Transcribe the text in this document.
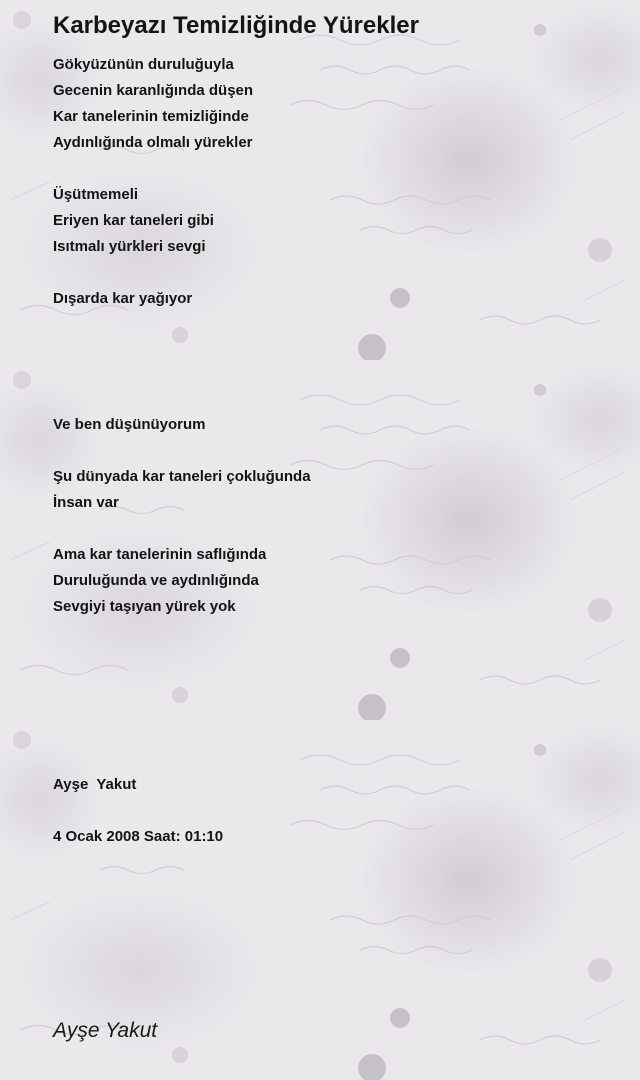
Karbeyazı Temizliğinde Yürekler
Gökyüzünün duruluğuyla
Gecenin karanlığında düşen
Kar tanelerinin temizliğinde
Aydınlığında olmalı yürekler
Üşütmemeli
Eriyen kar taneleri gibi
Isıtmalı yürkleri sevgi
Dışarda kar yağıyor
Ve ben düşünüyorum
Şu dünyada kar taneleri çokluğunda
İnsan var
Ama kar tanelerinin saflığında
Duruluğunda ve aydınlığında
Sevgiyi taşıyan yürek yok
Ayşe  Yakut
4 Ocak 2008 Saat: 01:10
Ayşe Yakut
